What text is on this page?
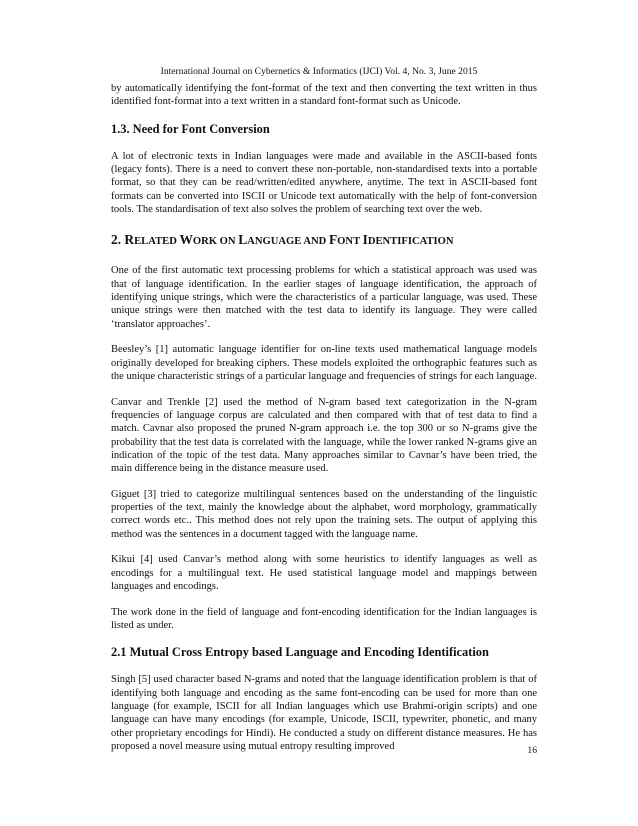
International Journal on Cybernetics & Informatics (IJCI) Vol. 4, No. 3, June 2015

by automatically identifying the font-format of the text and then converting the text written in thus identified font-format into a text written in a standard font-format such as Unicode.

1.3. Need for Font Conversion

A lot of electronic texts in Indian languages were made and available in the ASCII-based fonts (legacy fonts). There is a need to convert these non-portable, non-standardised texts into a portable format, so that they can be read/written/edited anywhere, anytime. The text in ASCII-based font formats can be converted into ISCII or Unicode text automatically with the help of font-conversion tools. The standardisation of text also solves the problem of searching text over the web.

2. RELATED WORK ON LANGUAGE AND FONT IDENTIFICATION

One of the first automatic text processing problems for which a statistical approach was used was that of language identification. In the earlier stages of language identification, the approach of identifying unique strings, which were the characteristics of a particular language, was used. These unique strings were then matched with the test data to identify its language. They were called ‘translator approaches’.

Beesley’s [1] automatic language identifier for on-line texts used mathematical language models originally developed for breaking ciphers. These models exploited the orthographic features such as the unique characteristic strings of a particular language and frequencies of strings for each language.

Canvar and Trenkle [2] used the method of N-gram based text categorization in the N-gram frequencies of language corpus are calculated and then compared with that of test data to find a match. Cavnar also proposed the pruned N-gram approach i.e. the top 300 or so N-grams give the probability that the test data is correlated with the language, while the lower ranked N-grams give an indication of the topic of the test data. Many approaches similar to Cavnar’s have been tried, the main difference being in the distance measure used.

Giguet [3] tried to categorize multilingual sentences based on the understanding of the linguistic properties of the text, mainly the knowledge about the alphabet, word morphology, grammatically correct words etc.. This method does not rely upon the training sets. The output of applying this method was the sentences in a document tagged with the language name.

Kikui [4] used Canvar’s method along with some heuristics to identify languages as well as encodings for a multilingual text. He used statistical language model and mappings between languages and encodings.

The work done in the field of language and font-encoding identification for the Indian languages is listed as under.

2.1 Mutual Cross Entropy based Language and Encoding Identification

Singh [5] used character based N-grams and noted that the language identification problem is that of identifying both language and encoding as the same font-encoding can be used for more than one language (for example, ISCII for all Indian languages which use Brahmi-origin scripts) and one language can have many encodings (for example, Unicode, ISCII, typewriter, phonetic, and many other proprietary encodings for Hindi). He conducted a study on different distance measures. He has proposed a novel measure using mutual entropy resulting improved	16
